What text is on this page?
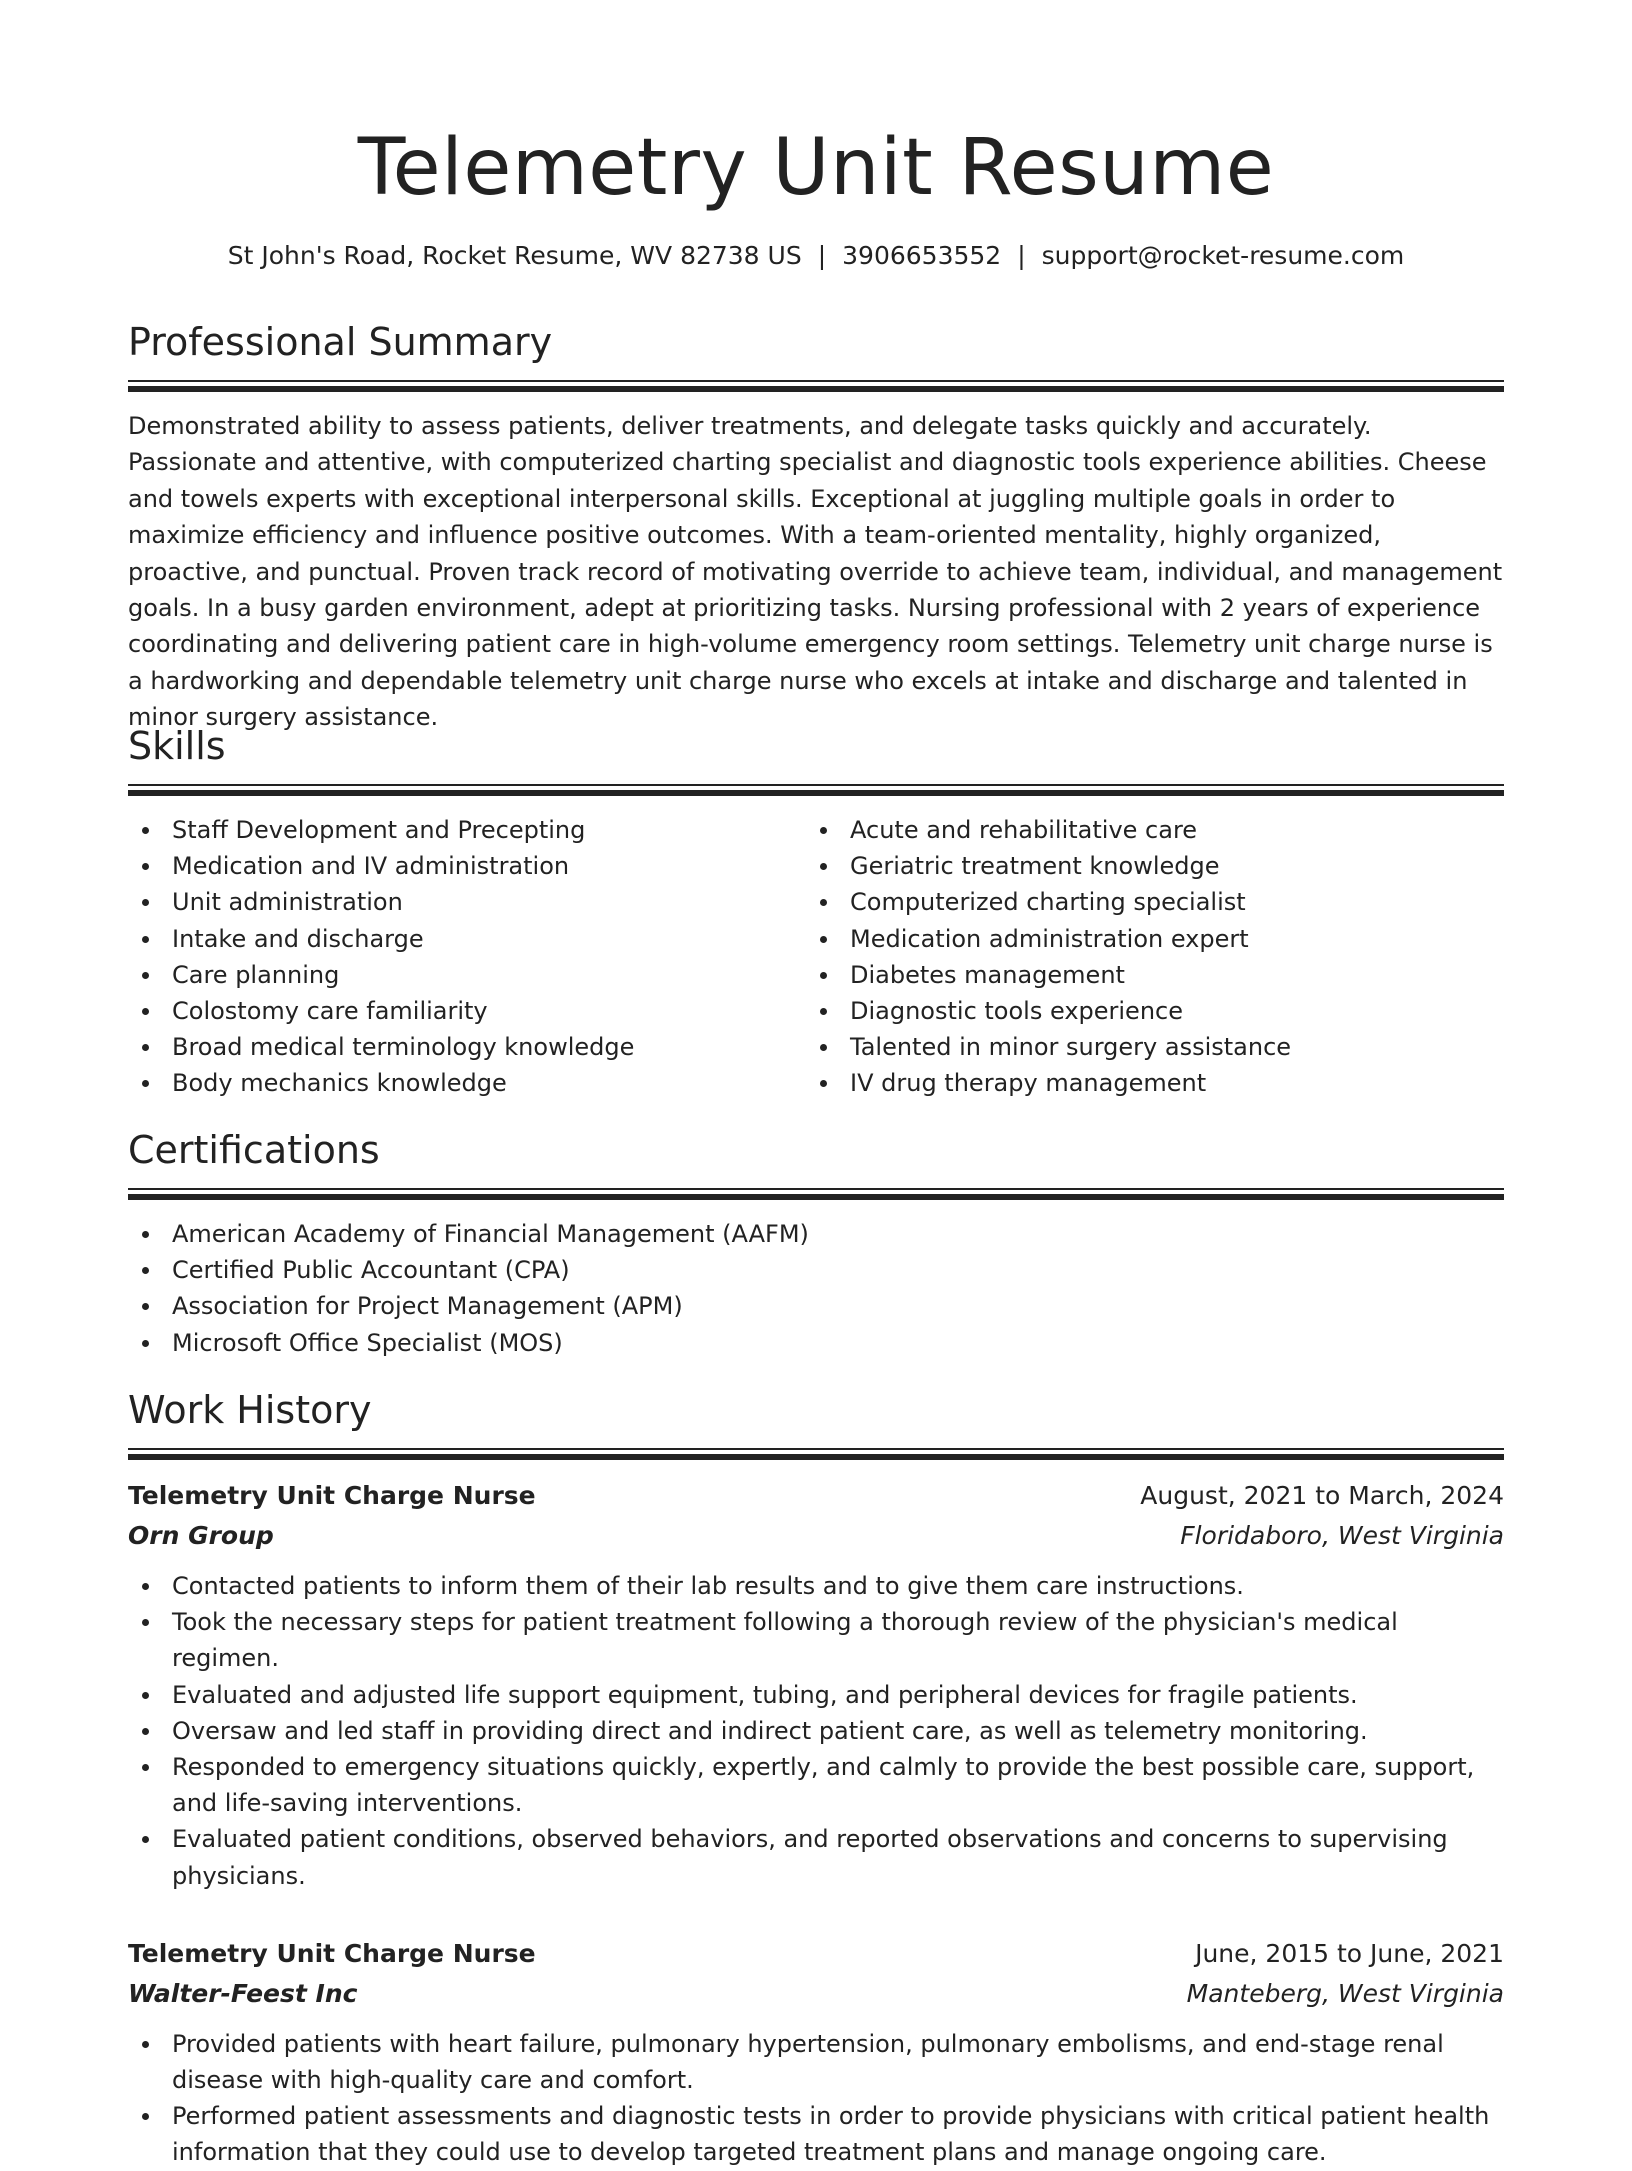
Telemetry Unit Resume
St John's Road, Rocket Resume, WV 82738 US | 3906653552 | support@rocket-resume.com
Professional Summary

Demonstrated ability to assess patients, deliver treatments, and delegate tasks quickly and accurately. Passionate and attentive, with computerized charting specialist and diagnostic tools experience abilities. Cheese and towels experts with exceptional interpersonal skills. Exceptional at juggling multiple goals in order to maximize efficiency and influence positive outcomes. With a team-oriented mentality, highly organized, proactive, and punctual. Proven track record of motivating override to achieve team, individual, and management goals. In a busy garden environment, adept at prioritizing tasks. Nursing professional with 2 years of experience coordinating and delivering patient care in high-volume emergency room settings. Telemetry unit charge nurse is a hardworking and dependable telemetry unit charge nurse who excels at intake and discharge and talented in minor surgery assistance.

Skills
Staff Development and Precepting
Medication and IV administration
Unit administration
Intake and discharge
Care planning
Colostomy care familiarity
Broad medical terminology knowledge
Body mechanics knowledge
Acute and rehabilitative care
Geriatric treatment knowledge
Computerized charting specialist
Medication administration expert
Diabetes management
Diagnostic tools experience
Talented in minor surgery assistance
IV drug therapy management
Certifications
American Academy of Financial Management (AAFM)
Certified Public Accountant (CPA)
Association for Project Management (APM)
Microsoft Office Specialist (MOS)
Work History
Telemetry Unit Charge Nurse	August, 2021 to March, 2024
Orn Group	Floridaboro, West Virginia
Contacted patients to inform them of their lab results and to give them care instructions.
Took the necessary steps for patient treatment following a thorough review of the physician's medical regimen.
Evaluated and adjusted life support equipment, tubing, and peripheral devices for fragile patients.
Oversaw and led staff in providing direct and indirect patient care, as well as telemetry monitoring.
Responded to emergency situations quickly, expertly, and calmly to provide the best possible care, support, and life-saving interventions.
Evaluated patient conditions, observed behaviors, and reported observations and concerns to supervising physicians.
Telemetry Unit Charge Nurse	June, 2015 to June, 2021
Walter-Feest Inc	Manteberg, West Virginia
Provided patients with heart failure, pulmonary hypertension, pulmonary embolisms, and end-stage renal disease with high-quality care and comfort.
Performed patient assessments and diagnostic tests in order to provide physicians with critical patient health information that they could use to develop targeted treatment plans and manage ongoing care.
